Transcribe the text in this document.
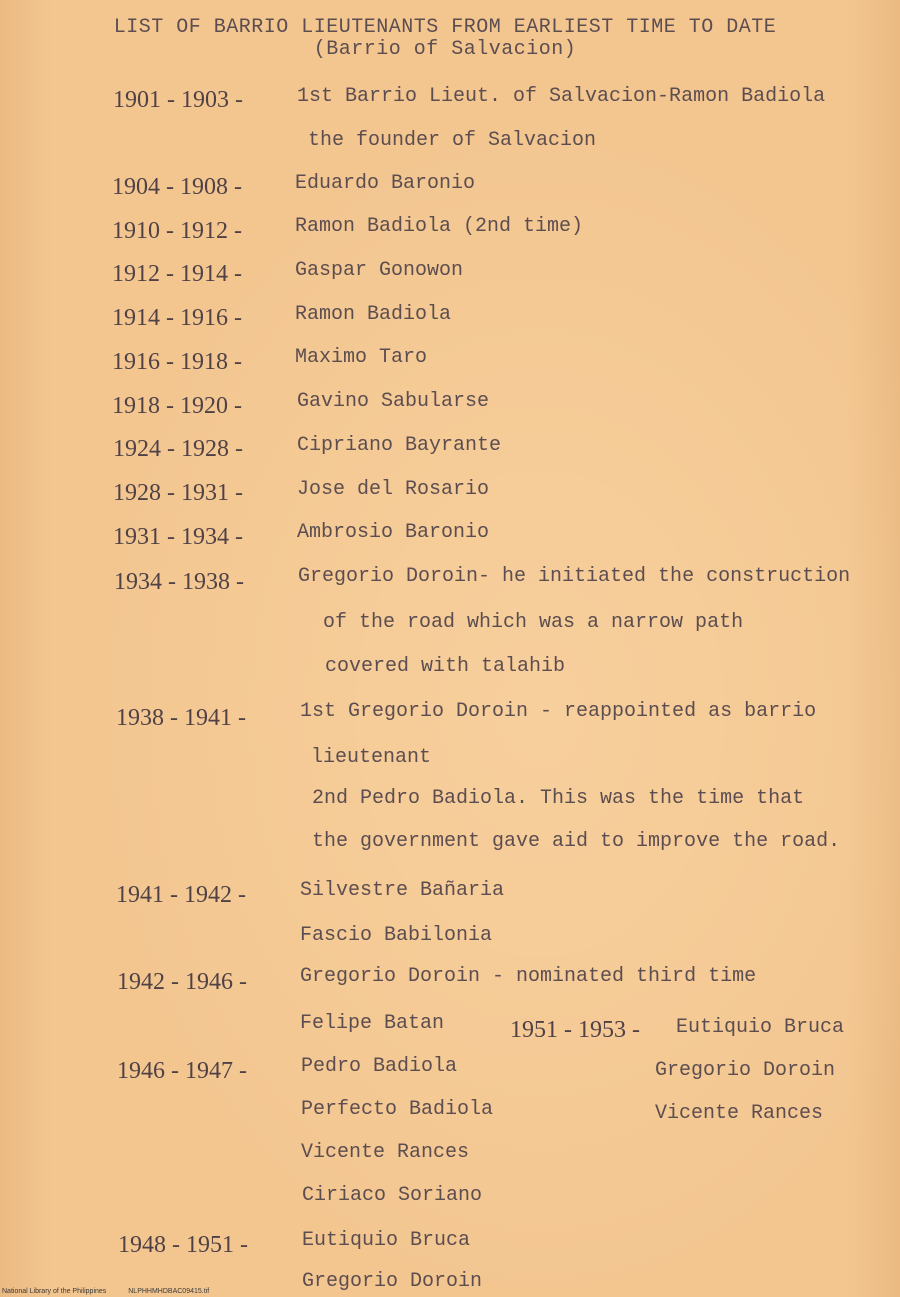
LIST OF BARRIO LIEUTENANTS FROM EARLIEST TIME TO DATE
(Barrio of Salvacion)
1901 - 1903 -	1st Barrio Lieut. of Salvacion-Ramon Badiola
the founder of Salvacion
1904 - 1908 -	Eduardo Baronio
1910 - 1912 -	Ramon Badiola (2nd time)
1912 - 1914 -	Gaspar Gonowon
1914 - 1916 -	Ramon Badiola
1916 - 1918 -	Maximo Taro
1918 - 1920 -	Gavino Sabularse
1924 - 1928 -	Cipriano Bayrante
1928 - 1931 -	Jose del Rosario
1931 - 1934 -	Ambrosio Baronio
1934 - 1938 -	Gregorio Doroin- he initiated the construction
of the road which was a narrow path
covered with talahib
1938 - 1941 -	1st Gregorio Doroin - reappointed as barrio
lieutenant
2nd Pedro Badiola. This was the time that
the government gave aid to improve the road.
1941 - 1942 -	Silvestre Bañaria
Fascio Babilonia
1942 - 1946 -	Gregorio Doroin - nominated third time
Felipe Batan
1946 - 1947 -	Pedro Badiola
Perfecto Badiola
Vicente Rances
Ciriaco Soriano
1948 - 1951 -	Eutiquio Bruca
Gregorio Doroin
1951 - 1953 - Eutiquio Bruca
Gregorio Doroin
Vicente Rances
National Library of the Philippines	NLPHHMHDBAC09415.tif
